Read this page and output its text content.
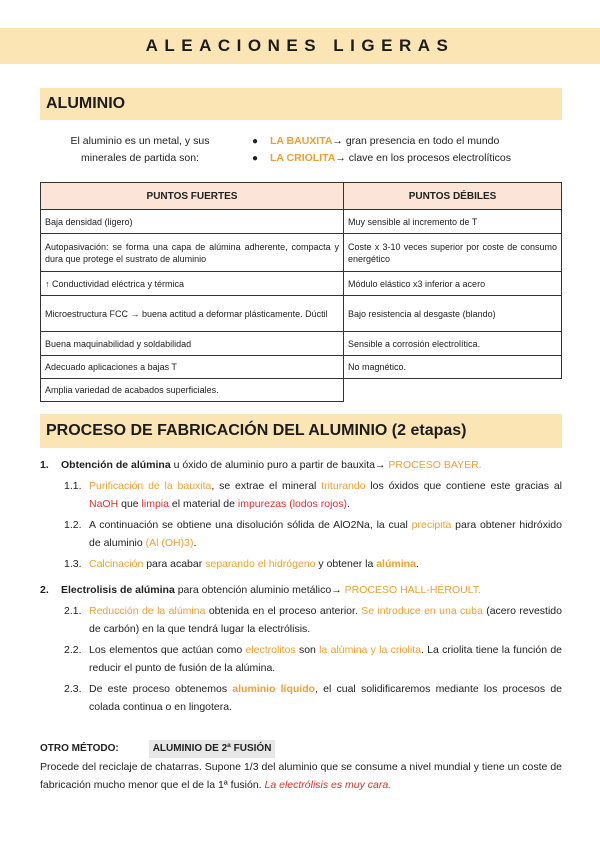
ALEACIONES LIGERAS
ALUMINIO
El aluminio es un metal, y sus
minerales de partida son:
●	LA BAUXITA → gran presencia en todo el mundo
●	LA CRIOLITA → clave en los procesos electrolíticos
PUNTOS FUERTES	PUNTOS DÉBILES
Baja densidad (ligero)	Muy sensible al incremento de T
Autopasivación: se forma una capa de alúmina adherente, compacta y dura que protege el sustrato de aluminio	Coste x 3-10 veces superior por coste de consumo energético
↑ Conductividad eléctrica y térmica	Módulo elástico x3 inferior a acero
Microestructura FCC → buena actitud a deformar plásticamente. Dúctil	Bajo resistencia al desgaste (blando)
Buena maquinabilidad y soldabilidad	Sensible a corrosión electrolítica.
Adecuado aplicaciones a bajas T	No magnético.
Amplia variedad de acabados superficiales.	
PROCESO DE FABRICACIÓN DEL ALUMINIO (2 etapas)
1.	Obtención de alúmina u óxido de aluminio puro a partir de bauxita→ PROCESO BAYER.
1.1. Purificación de la bauxita, se extrae el mineral triturando los óxidos que contiene este gracias al NaOH que limpia el material de impurezas (lodos rojos).
1.2. A continuación se obtiene una disolución sólida de AlO2Na, la cual precipita para obtener hidróxido de aluminio (Al (OH)3).
1.3. Calcinación para acabar separando el hidrógeno y obtener la alúmina.
2.	Electrolisis de alúmina para obtención aluminio metálico→ PROCESO HALL-HÉROULT.
2.1. Reducción de la alúmina obtenida en el proceso anterior. Se introduce en una cuba (acero revestido de carbón) en la que tendrá lugar la electrólisis.
2.2. Los elementos que actúan como electrolitos son la alúmina y la criolita. La criolita tiene la función de reducir el punto de fusión de la alúmina.
2.3. De este proceso obtenemos aluminio líquido, el cual solidificaremos mediante los procesos de colada continua o en lingotera.
OTRO MÉTODO:	ALUMINIO DE 2ª FUSIÓN
Procede del reciclaje de chatarras. Supone 1/3 del aluminio que se consume a nivel mundial y tiene un coste de fabricación mucho menor que el de la 1ª fusión. La electrólisis es muy cara.
